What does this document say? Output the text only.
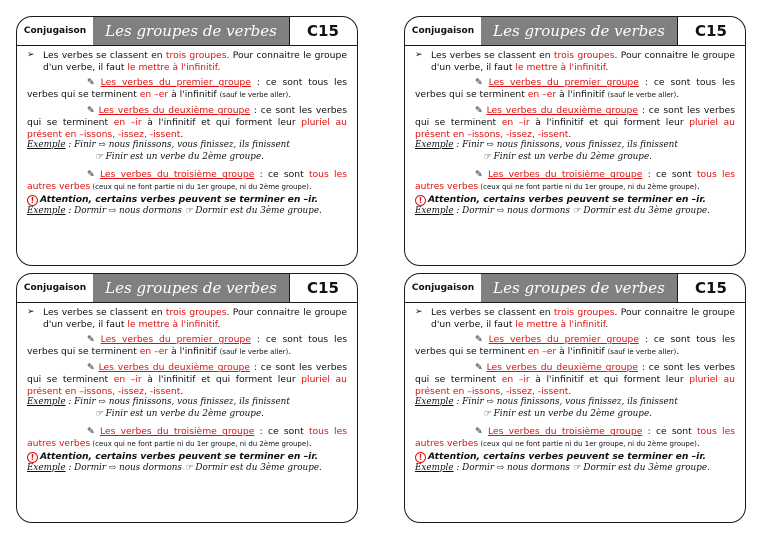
Conjugaison	Les groupes de verbes	C15
➢ Les verbes se classent en trois groupes. Pour connaitre le groupe d'un verbe, il faut le mettre à l'infinitif.

✎ Les verbes du premier groupe : ce sont tous les verbes qui se terminent en –er à l'infinitif (sauf le verbe aller).

✎ Les verbes du deuxième groupe : ce sont les verbes qui se terminent en –ir à l'infinitif et qui forment leur pluriel au présent en –issons, -issez, -issent.

Exemple : Finir ⇨ nous finissons, vous finissez, ils finissent

☞ Finir est un verbe du 2ème groupe.

✎ Les verbes du troisième groupe : ce sont tous les autres verbes (ceux qui ne font partie ni du 1er groupe, ni du 2ème groupe).

! Attention, certains verbes peuvent se terminer en –ir.

Exemple : Dormir ⇨ nous dormons ☞ Dormir est du 3ème groupe.

Conjugaison	Les groupes de verbes	C15
➢ Les verbes se classent en trois groupes. Pour connaitre le groupe d'un verbe, il faut le mettre à l'infinitif.

✎ Les verbes du premier groupe : ce sont tous les verbes qui se terminent en –er à l'infinitif (sauf le verbe aller).

✎ Les verbes du deuxième groupe : ce sont les verbes qui se terminent en –ir à l'infinitif et qui forment leur pluriel au présent en –issons, -issez, -issent.

Exemple : Finir ⇨ nous finissons, vous finissez, ils finissent

☞ Finir est un verbe du 2ème groupe.

✎ Les verbes du troisième groupe : ce sont tous les autres verbes (ceux qui ne font partie ni du 1er groupe, ni du 2ème groupe).

! Attention, certains verbes peuvent se terminer en –ir.

Exemple : Dormir ⇨ nous dormons ☞ Dormir est du 3ème groupe.

Conjugaison	Les groupes de verbes	C15
➢ Les verbes se classent en trois groupes. Pour connaitre le groupe d'un verbe, il faut le mettre à l'infinitif.

✎ Les verbes du premier groupe : ce sont tous les verbes qui se terminent en –er à l'infinitif (sauf le verbe aller).

✎ Les verbes du deuxième groupe : ce sont les verbes qui se terminent en –ir à l'infinitif et qui forment leur pluriel au présent en –issons, -issez, -issent.

Exemple : Finir ⇨ nous finissons, vous finissez, ils finissent

☞ Finir est un verbe du 2ème groupe.

✎ Les verbes du troisième groupe : ce sont tous les autres verbes (ceux qui ne font partie ni du 1er groupe, ni du 2ème groupe).

! Attention, certains verbes peuvent se terminer en –ir.

Exemple : Dormir ⇨ nous dormons ☞ Dormir est du 3ème groupe.

Conjugaison	Les groupes de verbes	C15
➢ Les verbes se classent en trois groupes. Pour connaitre le groupe d'un verbe, il faut le mettre à l'infinitif.

✎ Les verbes du premier groupe : ce sont tous les verbes qui se terminent en –er à l'infinitif (sauf le verbe aller).

✎ Les verbes du deuxième groupe : ce sont les verbes qui se terminent en –ir à l'infinitif et qui forment leur pluriel au présent en –issons, -issez, -issent.

Exemple : Finir ⇨ nous finissons, vous finissez, ils finissent

☞ Finir est un verbe du 2ème groupe.

✎ Les verbes du troisième groupe : ce sont tous les autres verbes (ceux qui ne font partie ni du 1er groupe, ni du 2ème groupe).

! Attention, certains verbes peuvent se terminer en –ir.

Exemple : Dormir ⇨ nous dormons ☞ Dormir est du 3ème groupe.
